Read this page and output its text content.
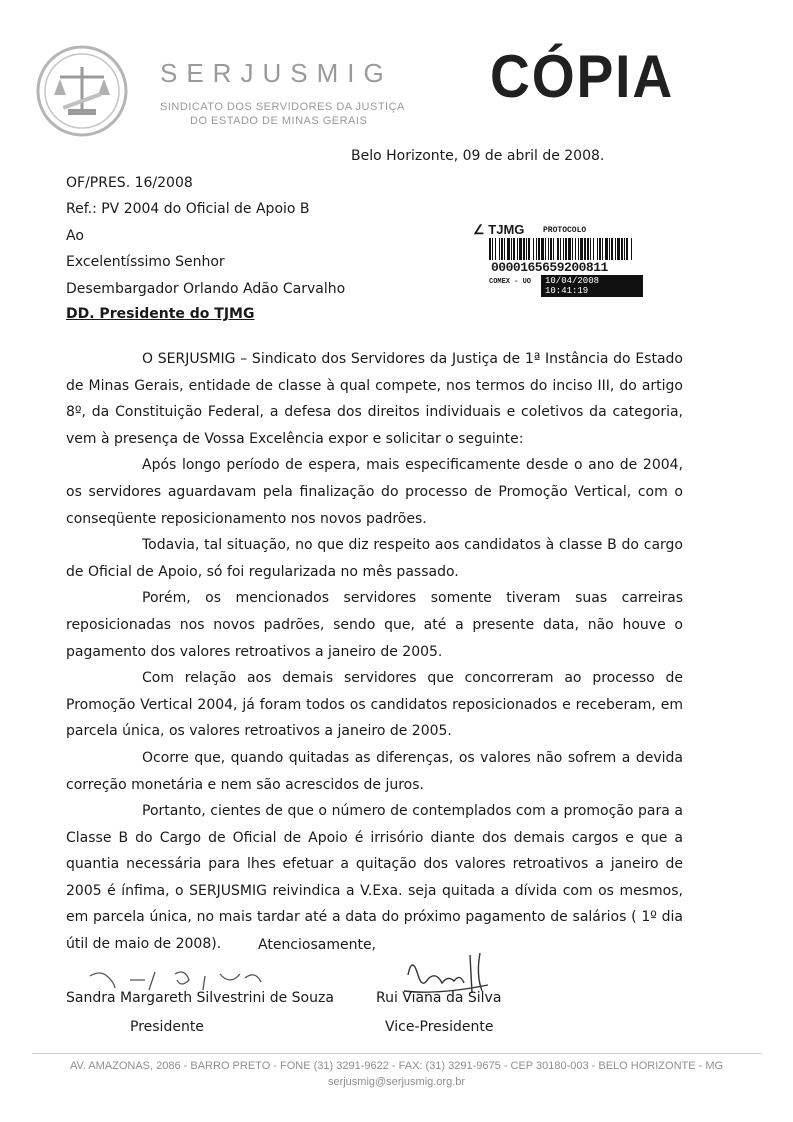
SERJUSMIG
SINDICATO DOS SERVIDORES DA JUSTIÇA
DO ESTADO DE MINAS GERAIS
CÓPIA
Belo Horizonte, 09 de abril de 2008.
OF/PRES. 16/2008
Ref.: PV 2004 do Oficial de Apoio B
Ao
Excelentíssimo Senhor
Desembargador Orlando Adão Carvalho
DD. Presidente do TJMG
∠ TJMG PROTOCOLO
0000165659200811
COMEX - UO	10/04/2008 10:41:19

O SERJUSMIG – Sindicato dos Servidores da Justiça de 1ª Instância do Estado de Minas Gerais, entidade de classe à qual compete, nos termos do inciso III, do artigo 8º, da Constituição Federal, a defesa dos direitos individuais e coletivos da categoria, vem à presença de Vossa Excelência expor e solicitar o seguinte:

Após longo período de espera, mais especificamente desde o ano de 2004, os servidores aguardavam pela finalização do processo de Promoção Vertical, com o conseqüente reposicionamento nos novos padrões.

Todavia, tal situação, no que diz respeito aos candidatos à classe B do cargo de Oficial de Apoio, só foi regularizada no mês passado.

Porém, os mencionados servidores somente tiveram suas carreiras reposicionadas nos novos padrões, sendo que, até a presente data, não houve o pagamento dos valores retroativos a janeiro de 2005.

Com relação aos demais servidores que concorreram ao processo de Promoção Vertical 2004, já foram todos os candidatos reposicionados e receberam, em parcela única, os valores retroativos a janeiro de 2005.

Ocorre que, quando quitadas as diferenças, os valores não sofrem a devida correção monetária e nem são acrescidos de juros.

Portanto, cientes de que o número de contemplados com a promoção para a Classe B do Cargo de Oficial de Apoio é irrisório diante dos demais cargos e que a quantia necessária para lhes efetuar a quitação dos valores retroativos a janeiro de 2005 é ínfima, o SERJUSMIG reivindica a V.Exa. seja quitada a dívida com os mesmos, em parcela única, no mais tardar até a data do próximo pagamento de salários ( 1º dia útil de maio de 2008).	Atenciosamente,
Sandra Margareth Silvestrini de Souza
Presidente
Rui Viana da Silva
Vice-Presidente
AV. AMAZONAS, 2086 - BARRO PRETO - FONE (31) 3291-9622 - FAX: (31) 3291-9675 - CEP 30180-003 - BELO HORIZONTE - MG
serjusmig@serjusmig.org.br
